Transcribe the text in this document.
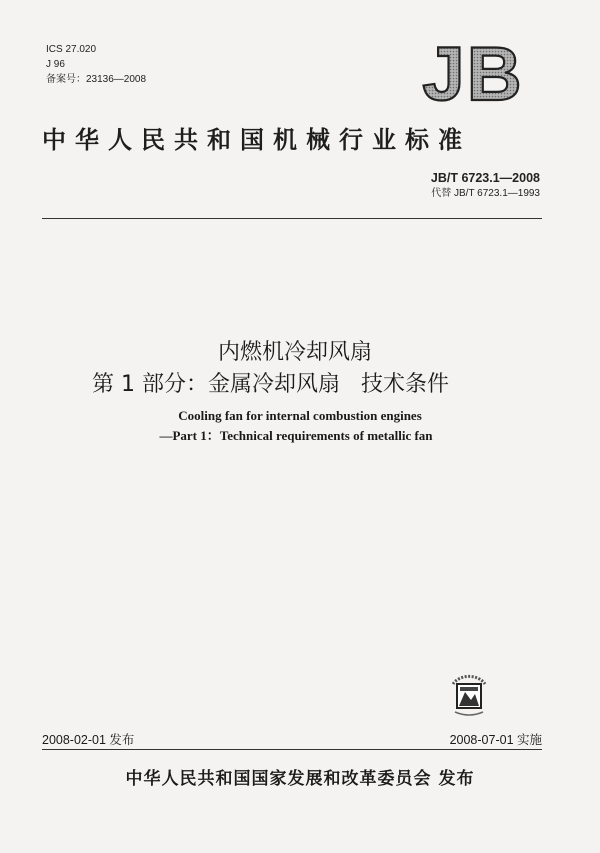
ICS 27.020
J 96
备案号：23136—2008	JB
中华人民共和国机械行业标准
JB/T 6723.1—2008
代替 JB/T 6723.1—1993
内燃机冷却风扇
第 1 部分：金属冷却风扇   技术条件
Cooling fan for internal combustion engines
—Part 1：Technical requirements of metallic fan
2008-02-01 发布	2008-07-01 实施
中华人民共和国国家发展和改革委员会 发布
